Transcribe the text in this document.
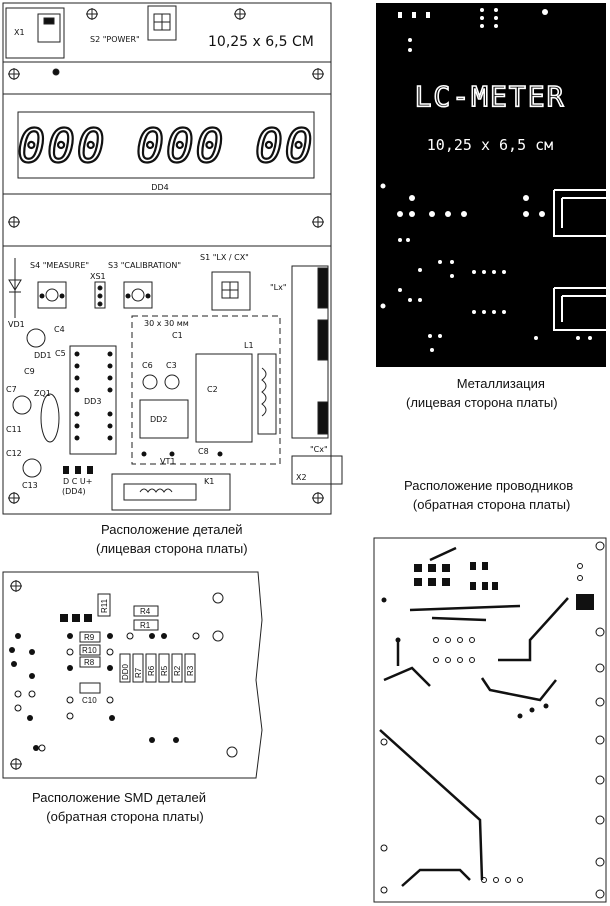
000 000 00
X1
S2 "POWER"	10,25 x 6,5 СМ
DD4
S4 "MEASURE" S3 "CALIBRATION"
S1 "LX / CX"
XS1
"Lx"
"Cx"
VD1
C4
DD1 C5
C9
ZQ1
C7
C11
C12
C13
DD3
30 x 30 мм
C1
C6 C3
C2
L1
DD2
VT1
C8
K1	X2
D C U+
(DD4)
LC-METER
10,25 х 6,5 см
R11	R4
R1
R9
R10
R8
C10
DD0 R7 R6 R5 R2 R3
Расположение деталей
(лицевая сторона платы)
Металлизация
(лицевая сторона платы)
Расположение проводников
(обратная сторона платы)
Расположение SMD деталей
(обратная сторона платы)
